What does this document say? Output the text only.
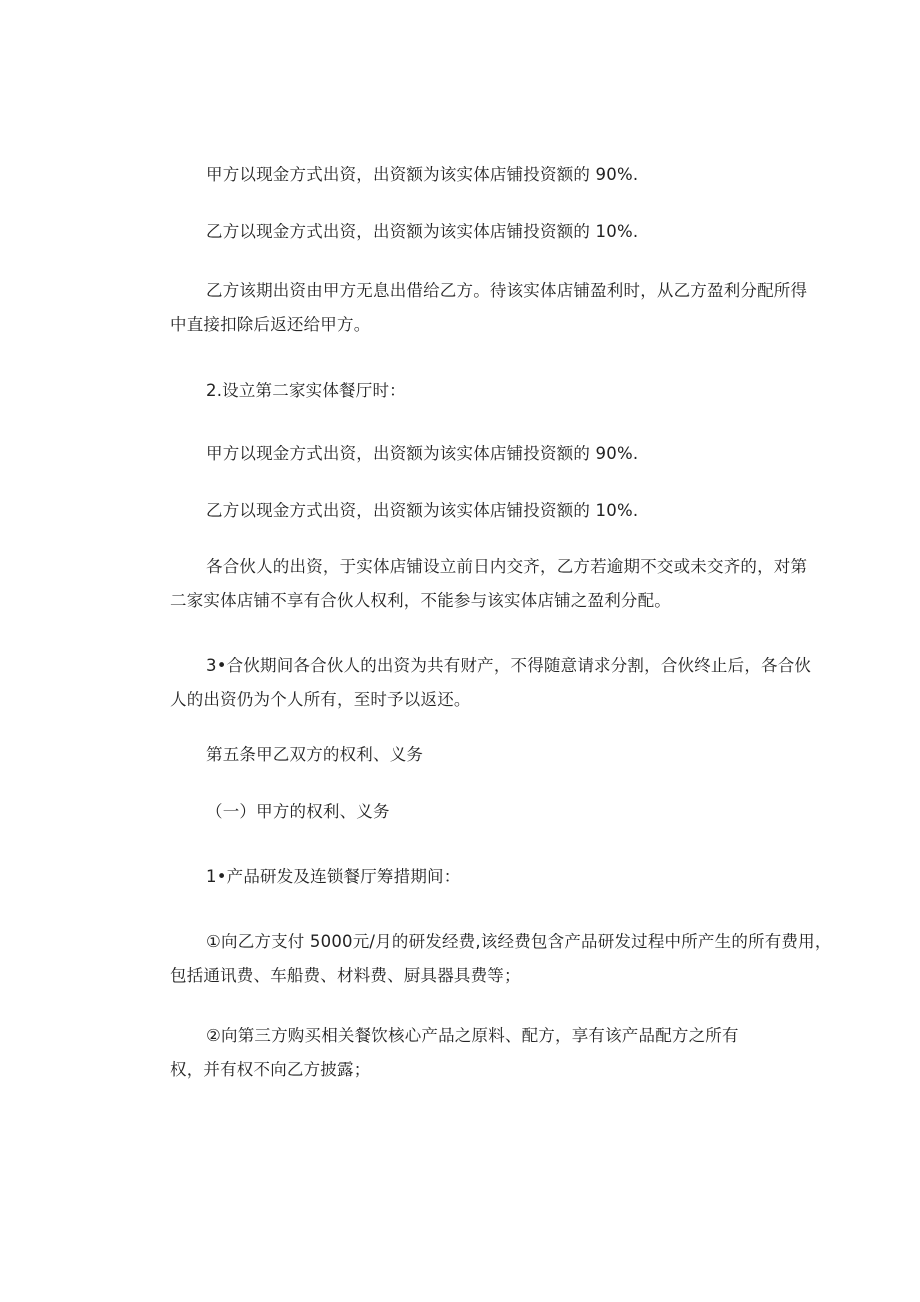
甲方以现金方式出资，出资额为该实体店铺投资额的 90%.
乙方以现金方式出资，出资额为该实体店铺投资额的 10%.
乙方该期出资由甲方无息出借给乙方。待该实体店铺盈利时，从乙方盈利分配所得
中直接扣除后返还给甲方。
2.设立第二家实体餐厅时：
甲方以现金方式出资，出资额为该实体店铺投资额的 90%.
乙方以现金方式出资，出资额为该实体店铺投资额的 10%.
各合伙人的出资，于实体店铺设立前日内交齐，乙方若逾期不交或未交齐的，对第
二家实体店铺不享有合伙人权利，不能参与该实体店铺之盈利分配。
3•合伙期间各合伙人的出资为共有财产，不得随意请求分割，合伙终止后，各合伙
人的出资仍为个人所有，至时予以返还。
第五条甲乙双方的权利、义务
（一）甲方的权利、义务
1•产品研发及连锁餐厅筹措期间：
①向乙方支付 5000元/月的研发经费,该经费包含产品研发过程中所产生的所有费用，
包括通讯费、车船费、材料费、厨具器具费等；
②向第三方购买相关餐饮核心产品之原料、配方，享有该产品配方之所有
权，并有权不向乙方披露；
